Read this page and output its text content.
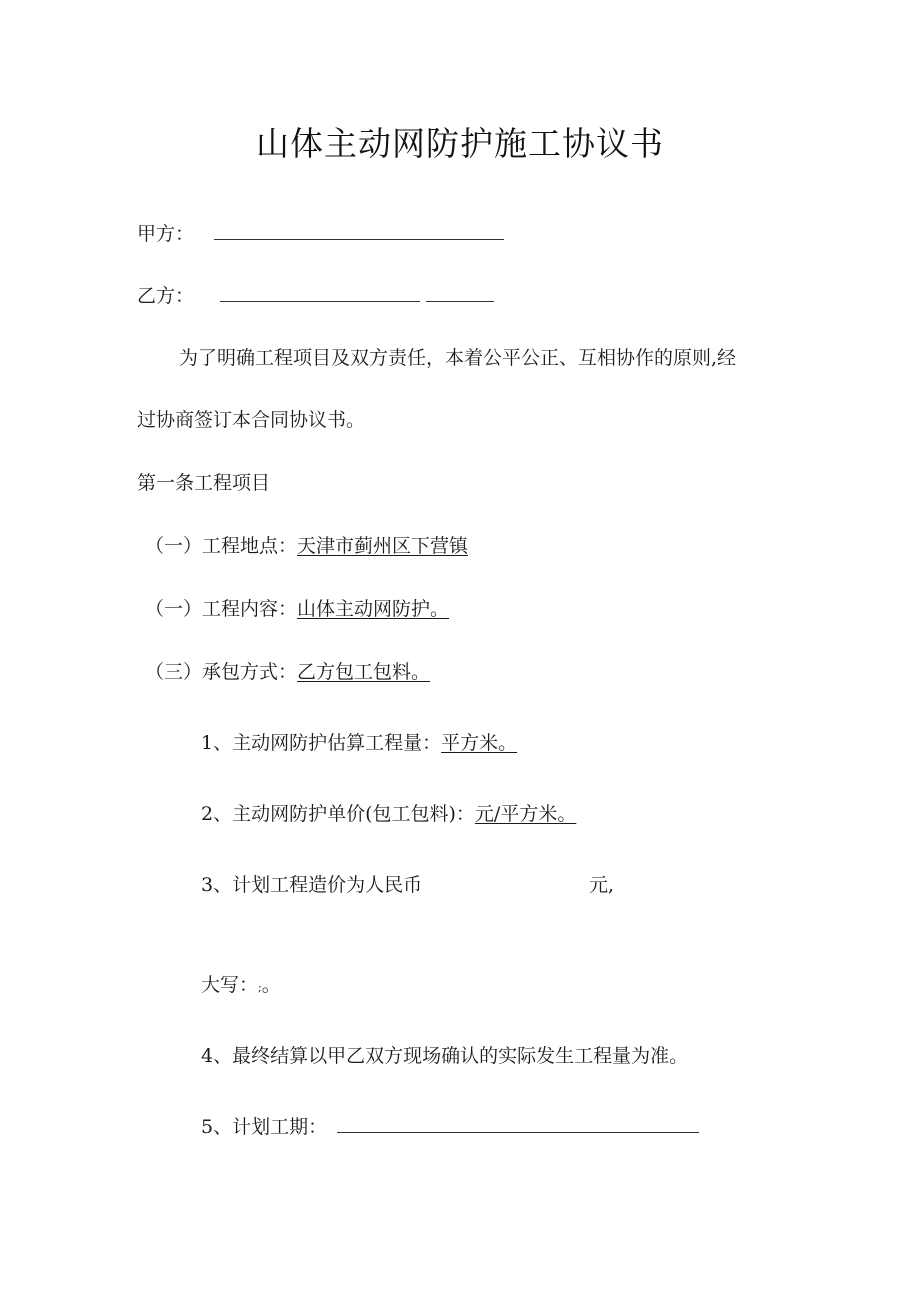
山体主动网防护施工协议书
甲方：
乙方：
为了明确工程项目及双方责任，本着公平公正、互相协作的原则,经
过协商签订本合同协议书。
第一条工程项目
（一）工程地点：天津市蓟州区下营镇
（一）工程内容：山体主动网防护。
（三）承包方式：乙方包工包料。
1、主动网防护估算工程量：平方米。
2、主动网防护单价(包工包料)：元/平方米。
3、计划工程造价为人民币	元,
大写：;。
4、最终结算以甲乙双方现场确认的实际发生工程量为准。
5、计划工期：
